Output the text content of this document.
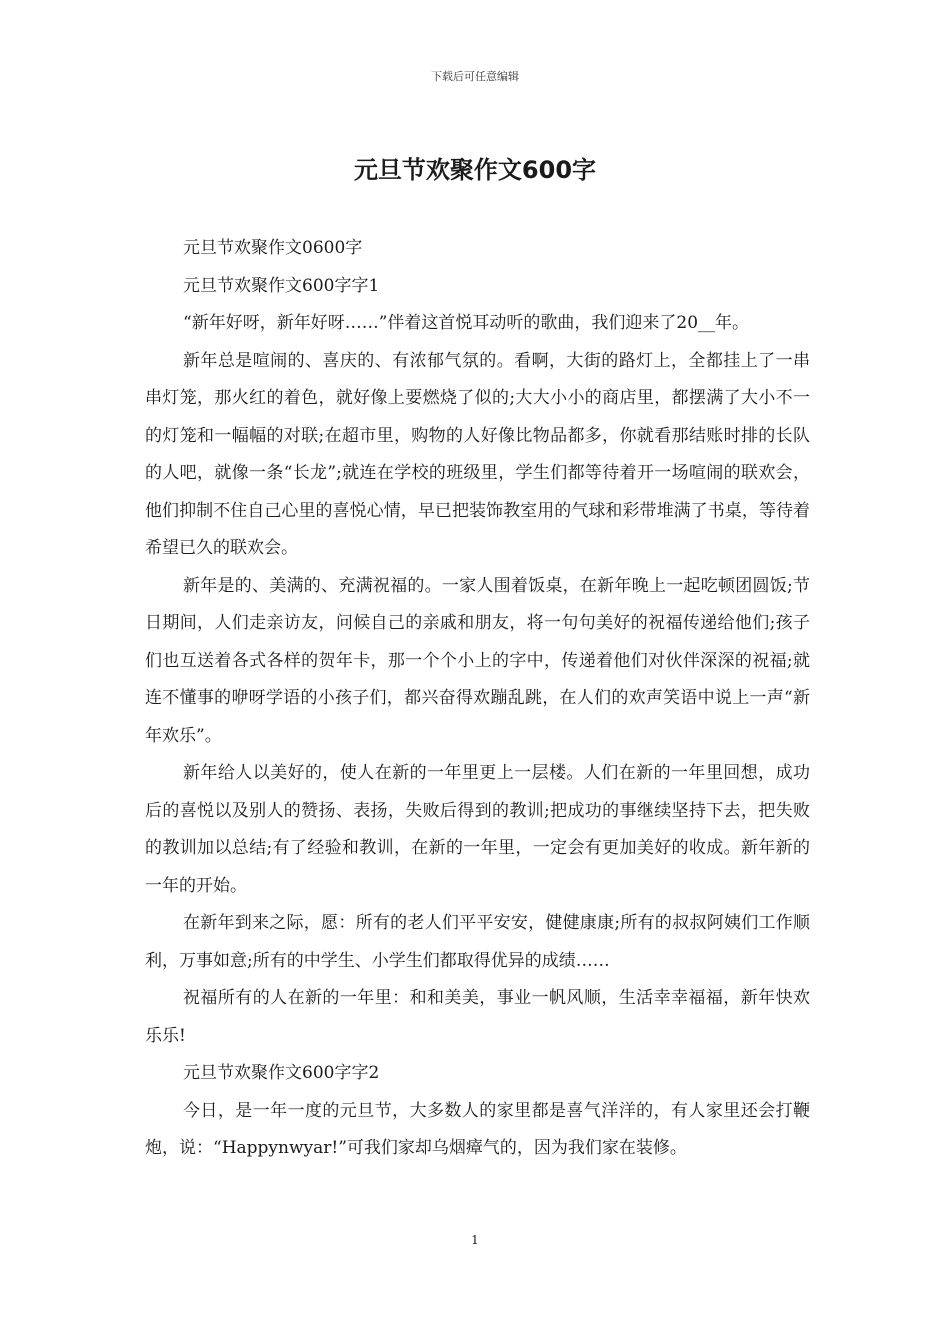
下载后可任意编辑
元旦节欢聚作文600字

元旦节欢聚作文0600字

元旦节欢聚作文600字字1

“新年好呀，新年好呀……”伴着这首悦耳动听的歌曲，我们迎来了20__年。

新年总是喧闹的、喜庆的、有浓郁气氛的。看啊，大街的路灯上，全都挂上了一串串灯笼，那火红的着色，就好像上要燃烧了似的;大大小小的商店里，都摆满了大小不一的灯笼和一幅幅的对联;在超市里，购物的人好像比物品都多，你就看那结账时排的长队的人吧，就像一条“长龙”;就连在学校的班级里，学生们都等待着开一场喧闹的联欢会，他们抑制不住自己心里的喜悦心情，早已把装饰教室用的气球和彩带堆满了书桌，等待着希望已久的联欢会。

新年是的、美满的、充满祝福的。一家人围着饭桌，在新年晚上一起吃顿团圆饭;节日期间，人们走亲访友，问候自己的亲戚和朋友，将一句句美好的祝福传递给他们;孩子们也互送着各式各样的贺年卡，那一个个小上的字中，传递着他们对伙伴深深的祝福;就连不懂事的咿呀学语的小孩子们，都兴奋得欢蹦乱跳，在人们的欢声笑语中说上一声“新年欢乐”。

新年给人以美好的，使人在新的一年里更上一层楼。人们在新的一年里回想，成功后的喜悦以及别人的赞扬、表扬，失败后得到的教训;把成功的事继续坚持下去，把失败的教训加以总结;有了经验和教训，在新的一年里，一定会有更加美好的收成。新年新的一年的开始。

在新年到来之际，愿：所有的老人们平平安安，健健康康;所有的叔叔阿姨们工作顺利，万事如意;所有的中学生、小学生们都取得优异的成绩……

祝福所有的人在新的一年里：和和美美，事业一帆风顺，生活幸幸福福，新年快欢乐乐!

元旦节欢聚作文600字字2

今日，是一年一度的元旦节，大多数人的家里都是喜气洋洋的，有人家里还会打鞭炮，说：“Happynwyar!”可我们家却乌烟瘴气的，因为我们家在装修。

1
